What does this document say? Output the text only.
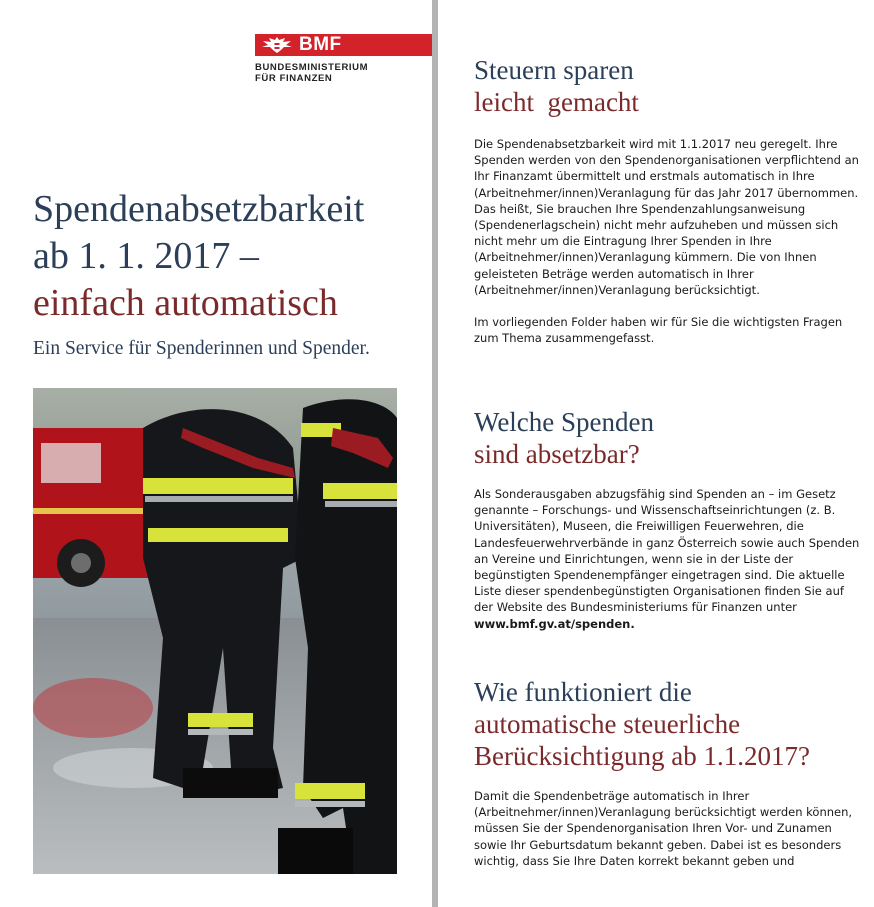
BMF
BUNDESMINISTERIUM
FÜR FINANZEN
Spendenabsetzbarkeit
ab 1. 1. 2017 –
einfach automatisch

Ein Service für Spenderinnen und Spender.

Steuern sparen
leicht  gemacht

Die Spendenabsetzbarkeit wird mit 1.1.2017 neu geregelt. Ihre Spenden werden von den Spendenorganisationen verpflichtend an Ihr Finanzamt übermittelt und erstmals automatisch in Ihre (Arbeitnehmer/innen)Veranlagung für das Jahr 2017 übernommen. Das heißt, Sie brauchen Ihre Spendenzahlungsanweisung (Spendenerlagschein) nicht mehr aufzuheben und müssen sich nicht mehr um die Eintragung Ihrer Spenden in Ihre (Arbeitnehmer/innen)Veranlagung kümmern. Die von Ihnen geleisteten Beträge werden automatisch in Ihrer (Arbeitnehmer/innen)Veranlagung berücksichtigt.

Im vorliegenden Folder haben wir für Sie die wichtigsten Fragen zum Thema zusammengefasst.

Welche Spenden
sind absetzbar?

Als Sonderausgaben abzugsfähig sind Spenden an – im Gesetz genannte – Forschungs- und Wissenschaftseinrichtungen (z. B. Universitäten), Museen, die Freiwilligen Feuerwehren, die Landesfeuerwehrverbände in ganz Österreich sowie auch Spenden an Vereine und Einrichtungen, wenn sie in der Liste der begünstigten Spendenempfänger eingetragen sind. Die aktuelle Liste dieser spendenbegünstigten Organisationen finden Sie auf der Website des Bundesministeriums für Finanzen unter www.bmf.gv.at/spenden.

Wie funktioniert die
automatische steuerliche
Berücksichtigung ab 1.1.2017?

Damit die Spendenbeträge automatisch in Ihrer (Arbeitnehmer/innen)Veranlagung berücksichtigt werden können, müssen Sie der Spendenorganisation Ihren Vor- und Zunamen sowie Ihr Geburtsdatum bekannt geben. Dabei ist es besonders wichtig, dass Sie Ihre Daten korrekt bekannt geben und
